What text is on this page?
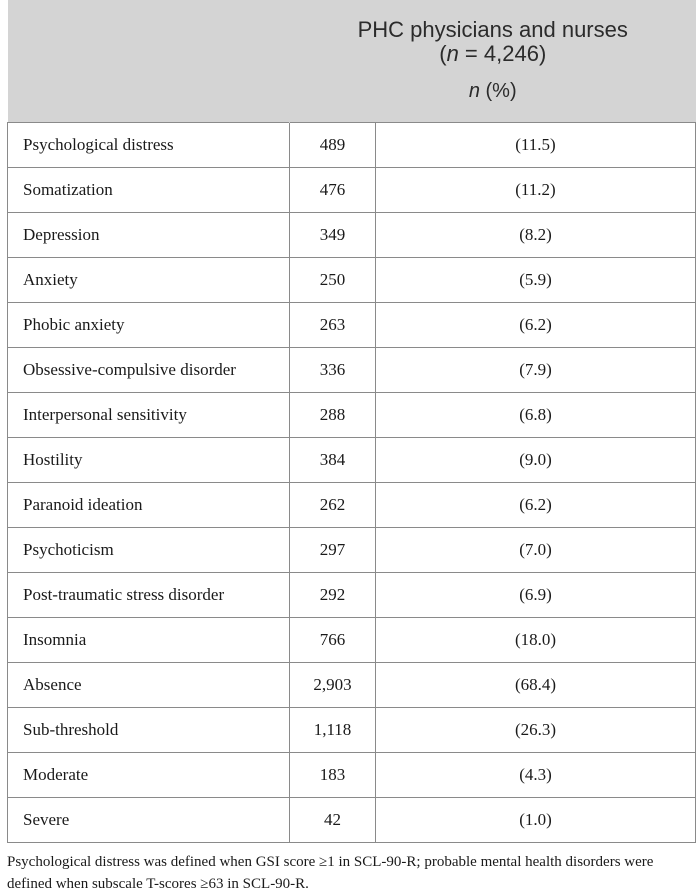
	PHC physicians and nurses
(n = 4,246)
n (%)	

Psychological distress	489	(11.5)
Somatization	476	(11.2)
Depression	349	(8.2)
Anxiety	250	(5.9)
Phobic anxiety	263	(6.2)
Obsessive-compulsive disorder	336	(7.9)
Interpersonal sensitivity	288	(6.8)
Hostility	384	(9.0)
Paranoid ideation	262	(6.2)
Psychoticism	297	(7.0)
Post-traumatic stress disorder	292	(6.9)
Insomnia	766	(18.0)
Absence	2,903	(68.4)
Sub-threshold	1,118	(26.3)
Moderate	183	(4.3)
Severe	42	(1.0)
Psychological distress was defined when GSI score ≥1 in SCL-90-R; probable mental health disorders were defined when subscale T-scores ≥63 in SCL-90-R.
